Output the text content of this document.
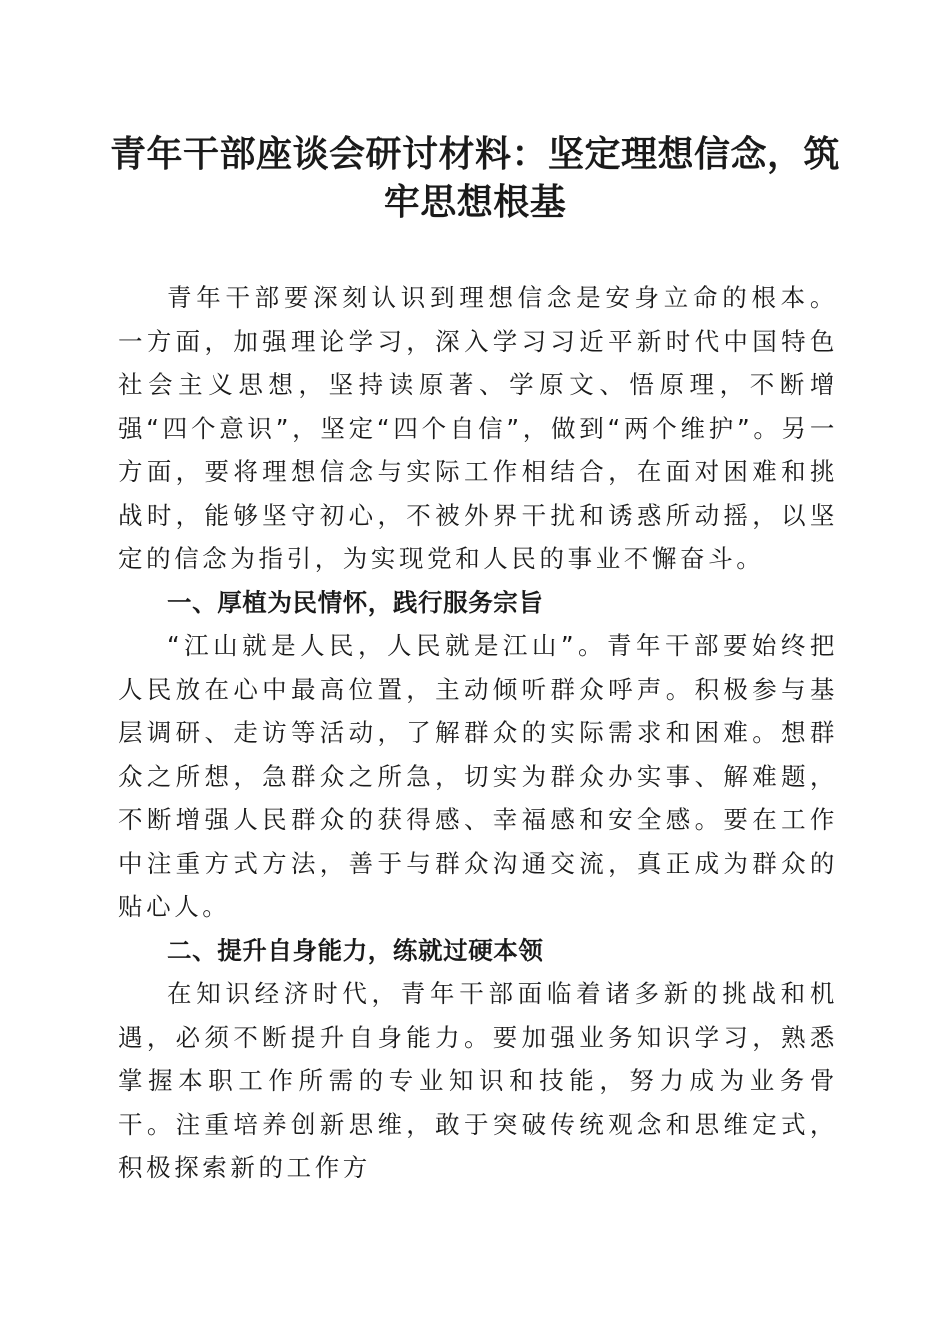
青年干部座谈会研讨材料：坚定理想信念，筑牢思想根基

青年干部要深刻认识到理想信念是安身立命的根本。一方面，加强理论学习，深入学习习近平新时代中国特色社会主义思想，坚持读原著、学原文、悟原理，不断增强“四个意识”，坚定“四个自信”，做到“两个维护”。另一方面，要将理想信念与实际工作相结合，在面对困难和挑战时，能够坚守初心，不被外界干扰和诱惑所动摇，以坚定的信念为指引，为实现党和人民的事业不懈奋斗。

一、厚植为民情怀，践行服务宗旨

“江山就是人民，人民就是江山”。青年干部要始终把人民放在心中最高位置，主动倾听群众呼声。积极参与基层调研、走访等活动，了解群众的实际需求和困难。想群众之所想，急群众之所急，切实为群众办实事、解难题，不断增强人民群众的获得感、幸福感和安全感。要在工作中注重方式方法，善于与群众沟通交流，真正成为群众的贴心人。

二、提升自身能力，练就过硬本领

在知识经济时代，青年干部面临着诸多新的挑战和机遇，必须不断提升自身能力。要加强业务知识学习，熟悉掌握本职工作所需的专业知识和技能，努力成为业务骨干。注重培养创新思维，敢于突破传统观念和思维定式，积极探索新的工作方
